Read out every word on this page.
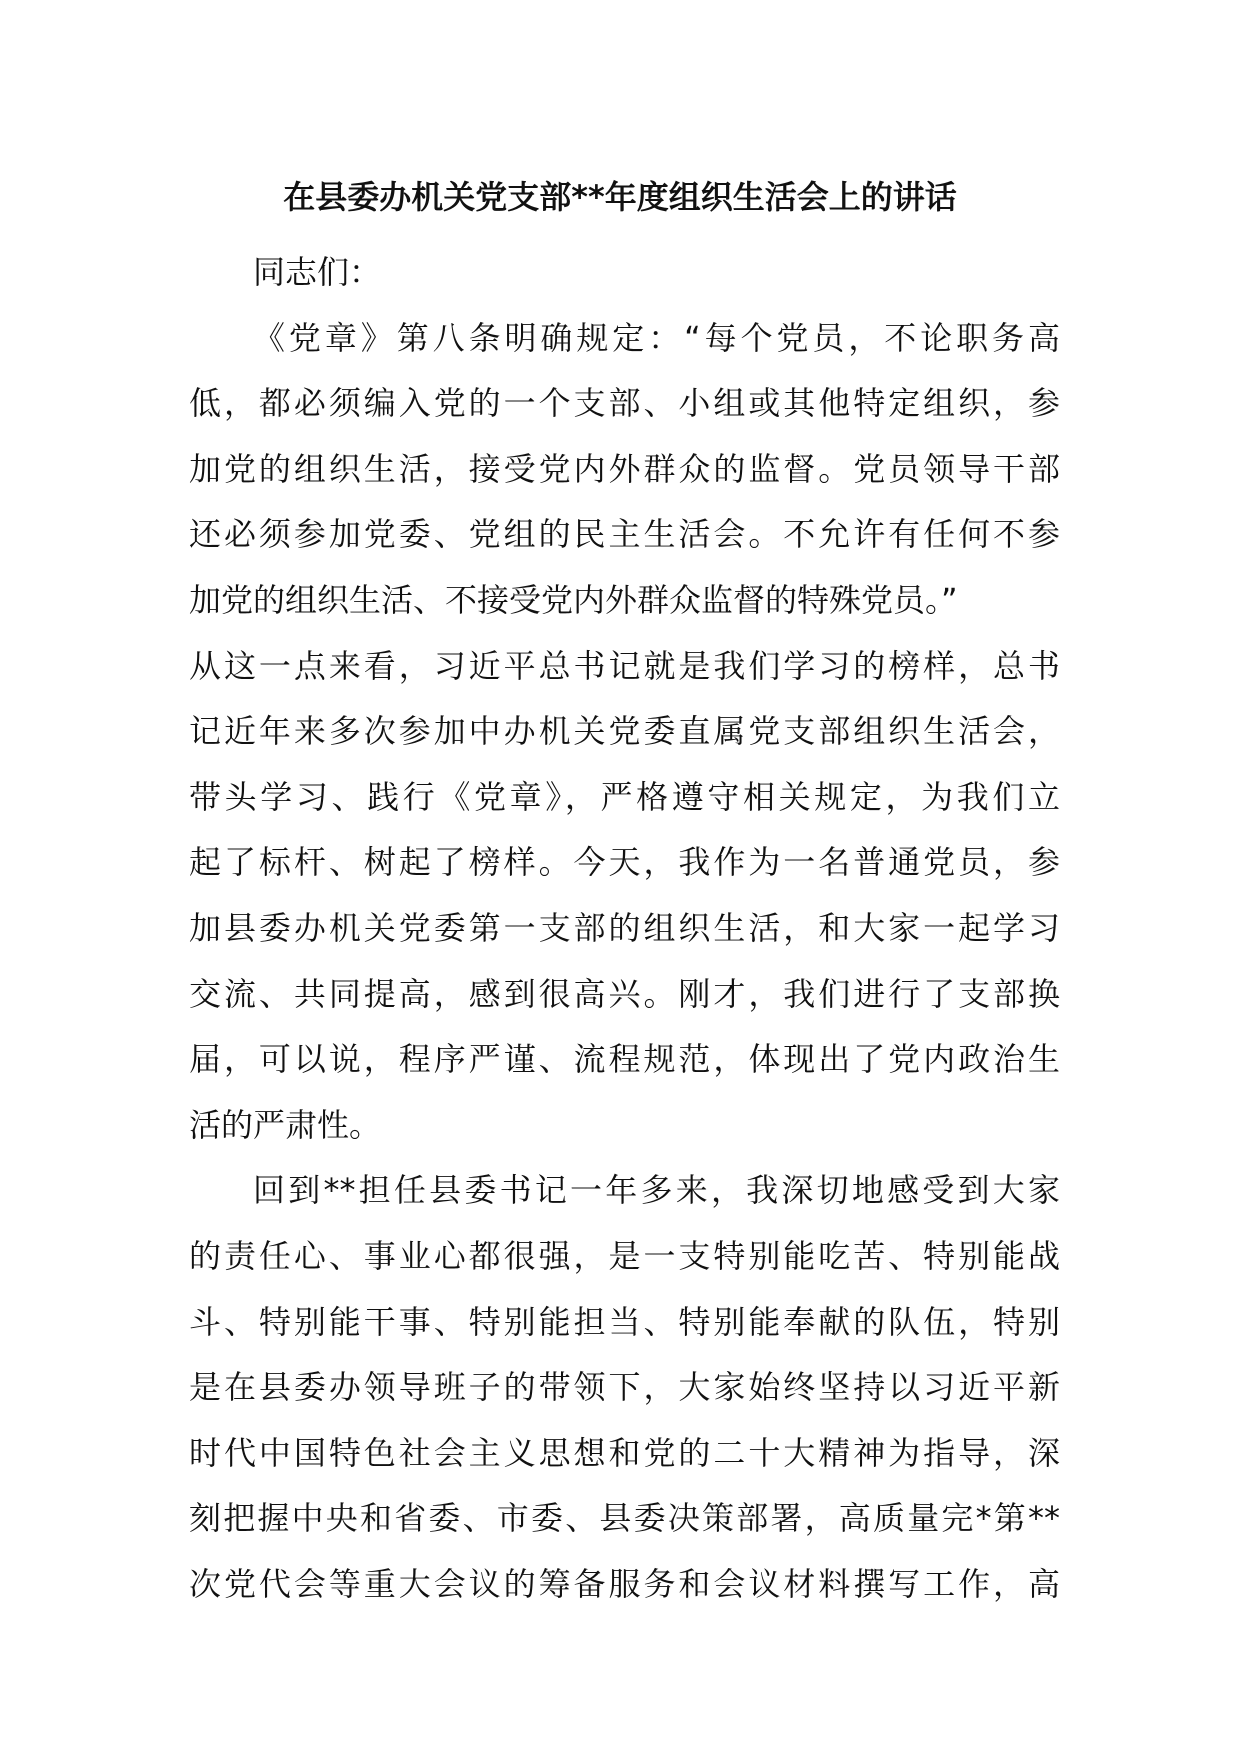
在县委办机关党支部**年度组织生活会上的讲话
同志们：
《党章》第八条明确规定：“每个党员，不论职务高
低，都必须编入党的一个支部、小组或其他特定组织，参
加党的组织生活，接受党内外群众的监督。党员领导干部
还必须参加党委、党组的民主生活会。不允许有任何不参
加党的组织生活、不接受党内外群众监督的特殊党员。”
从这一点来看，习近平总书记就是我们学习的榜样，总书
记近年来多次参加中办机关党委直属党支部组织生活会，
带头学习、践行《党章》，严格遵守相关规定，为我们立
起了标杆、树起了榜样。今天，我作为一名普通党员，参
加县委办机关党委第一支部的组织生活，和大家一起学习
交流、共同提高，感到很高兴。刚才，我们进行了支部换
届，可以说，程序严谨、流程规范，体现出了党内政治生
活的严肃性。
回到**担任县委书记一年多来，我深切地感受到大家
的责任心、事业心都很强，是一支特别能吃苦、特别能战
斗、特别能干事、特别能担当、特别能奉献的队伍，特别
是在县委办领导班子的带领下，大家始终坚持以习近平新
时代中国特色社会主义思想和党的二十大精神为指导，深
刻把握中央和省委、市委、县委决策部署，高质量完*第**
次党代会等重大会议的筹备服务和会议材料撰写工作，高
